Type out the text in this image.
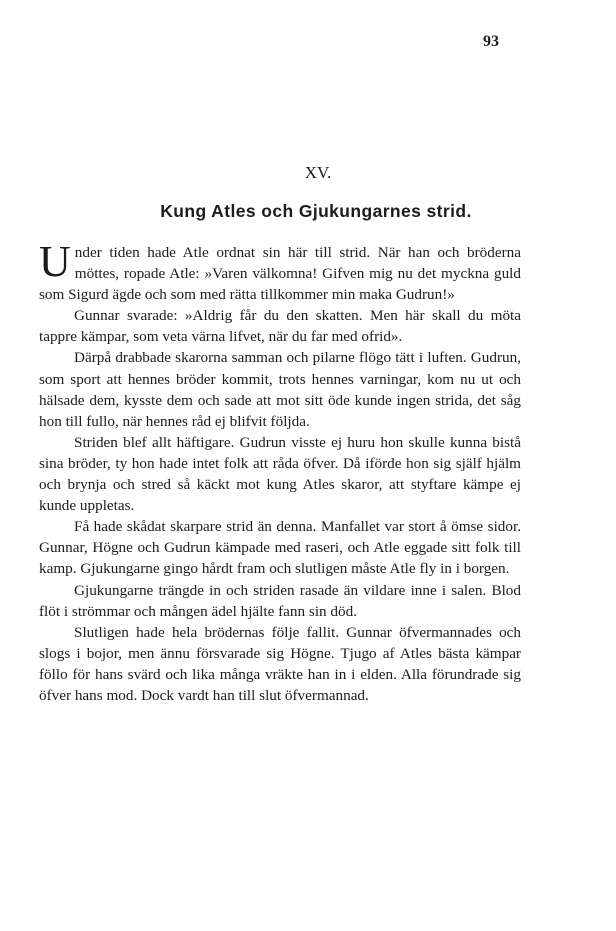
93
XV.
Kung Atles och Gjukungarnes strid.

Under tiden hade Atle ordnat sin här till strid. När han och bröderna möttes, ropade Atle: »Varen välkomna! Gifven mig nu det myckna guld som Sigurd ägde och som med rätta tillkommer min maka Gudrun!»

Gunnar svarade: »Aldrig får du den skatten. Men här skall du möta tappre kämpar, som veta värna lifvet, när du far med ofrid».

Därpå drabbade skarorna samman och pilarne flögo tätt i luften. Gudrun, som sport att hennes bröder kommit, trots hennes varningar, kom nu ut och hälsade dem, kysste dem och sade att mot sitt öde kunde ingen strida, det såg hon till fullo, när hennes råd ej blifvit följda.

Striden blef allt häftigare. Gudrun visste ej huru hon skulle kunna bistå sina bröder, ty hon hade intet folk att råda öfver. Då iförde hon sig själf hjälm och brynja och stred så käckt mot kung Atles skaror, att styftare kämpe ej kunde uppletas.

Få hade skådat skarpare strid än denna. Manfallet var stort å ömse sidor. Gunnar, Högne och Gudrun kämpade med raseri, och Atle eggade sitt folk till kamp. Gjukungarne gingo hårdt fram och slutligen måste Atle fly in i borgen.

Gjukungarne trängde in och striden rasade än vildare inne i salen. Blod flöt i strömmar och mången ädel hjälte fann sin död.

Slutligen hade hela brödernas följe fallit. Gunnar öfvermannades och slogs i bojor, men ännu försvarade sig Högne. Tjugo af Atles bästa kämpar föllo för hans svärd och lika många vräkte han in i elden. Alla förundrade sig öfver hans mod. Dock vardt han till slut öfvermannad.
